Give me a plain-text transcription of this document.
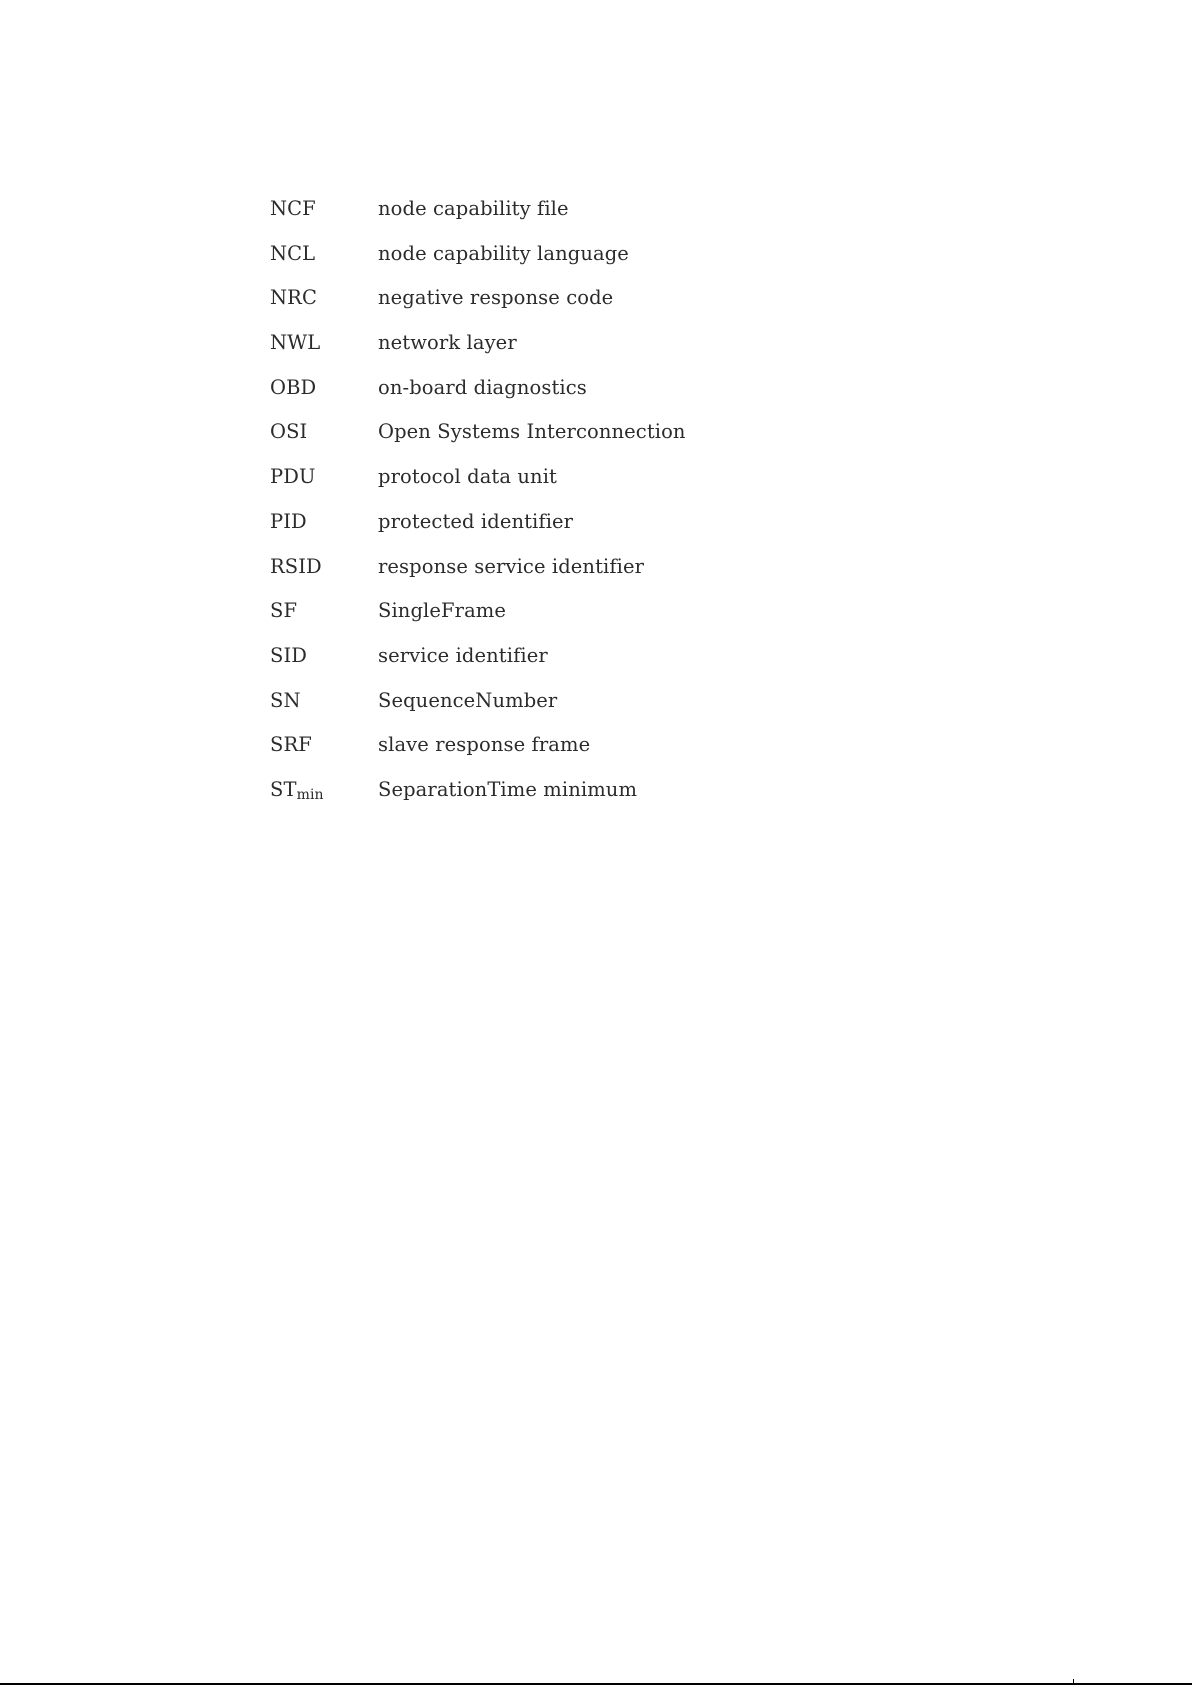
NCF	node capability file
NCL	node capability language
NRC	negative response code
NWL	network layer
OBD	on-board diagnostics
OSI	Open Systems Interconnection
PDU	protocol data unit
PID	protected identifier
RSID	response service identifier
SF	SingleFrame
SID	service identifier
SN	SequenceNumber
SRF	slave response frame
$ST_{min}$	SeparationTime minimum
